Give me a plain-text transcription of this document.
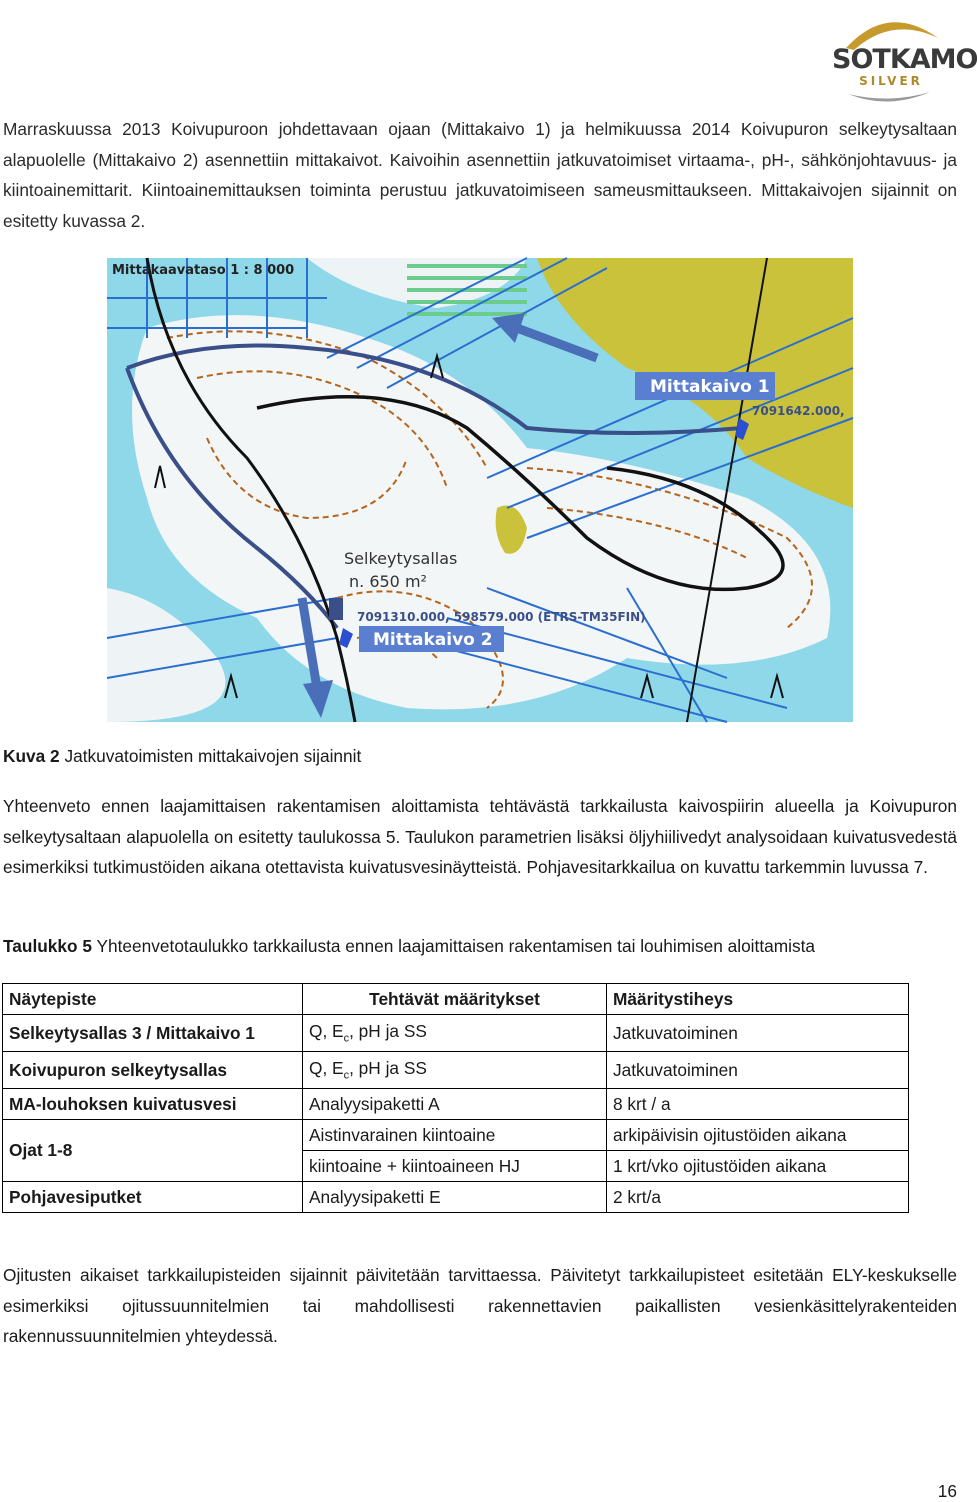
SOTKAMO
SILVER
Marraskuussa 2013 Koivupuroon johdettavaan ojaan (Mittakaivo 1) ja helmikuussa 2014 Koivupuron selkeytysaltaan alapuolelle (Mittakaivo 2) asennettiin mittakaivot. Kaivoihin asennettiin jatkuvatoimiset virtaama-, pH-, sähkönjohtavuus- ja kiintoainemittarit. Kiintoainemittauksen toiminta perustuu jatkuvatoimiseen sameusmittaukseen. Mittakaivojen sijainnit on esitetty kuvassa 2.
Mittakaavataso 1 : 8 000
Mittakaivo 1
7091642.000,
Selkeytysallas
n. 650 m²
7091310.000, 598579.000 (ETRS-TM35FIN)
Mittakaivo 2
Kuva 2 Jatkuvatoimisten mittakaivojen sijainnit
Yhteenveto ennen laajamittaisen rakentamisen aloittamista tehtävästä tarkkailusta kaivospiirin alueella ja Koivupuron selkeytysaltaan alapuolella on esitetty taulukossa 5. Taulukon parametrien lisäksi öljyhiilivedyt analysoidaan kuivatusvedestä esimerkiksi tutkimustöiden aikana otettavista kuivatusvesinäytteistä. Pohjavesitarkkailua on kuvattu tarkemmin luvussa 7.
Taulukko 5 Yhteenvetotaulukko tarkkailusta ennen laajamittaisen rakentamisen tai louhimisen aloittamista
Näytepiste	Tehtävät määritykset	Määritystiheys
Selkeytysallas 3 / Mittakaivo 1	Q, $E_c$, pH ja SS	Jatkuvatoiminen
Koivupuron selkeytysallas	Q, $E_c$, pH ja SS	Jatkuvatoiminen
MA-louhoksen kuivatusvesi	Analyysipaketti A	8 krt / a
Ojat 1-8	Aistinvarainen kiintoaine	arkipäivisin ojitustöiden aikana
	kiintoaine + kiintoaineen HJ	1 krt/vko ojitustöiden aikana
Pohjavesiputket	Analyysipaketti E	2 krt/a
Ojitusten aikaiset tarkkailupisteiden sijainnit päivitetään tarvittaessa. Päivitetyt tarkkailupisteet esitetään ELY-keskukselle esimerkiksi ojitussuunnitelmien tai mahdollisesti rakennettavien paikallisten vesienkäsittelyrakenteiden rakennussuunnitelmien yhteydessä.
16
